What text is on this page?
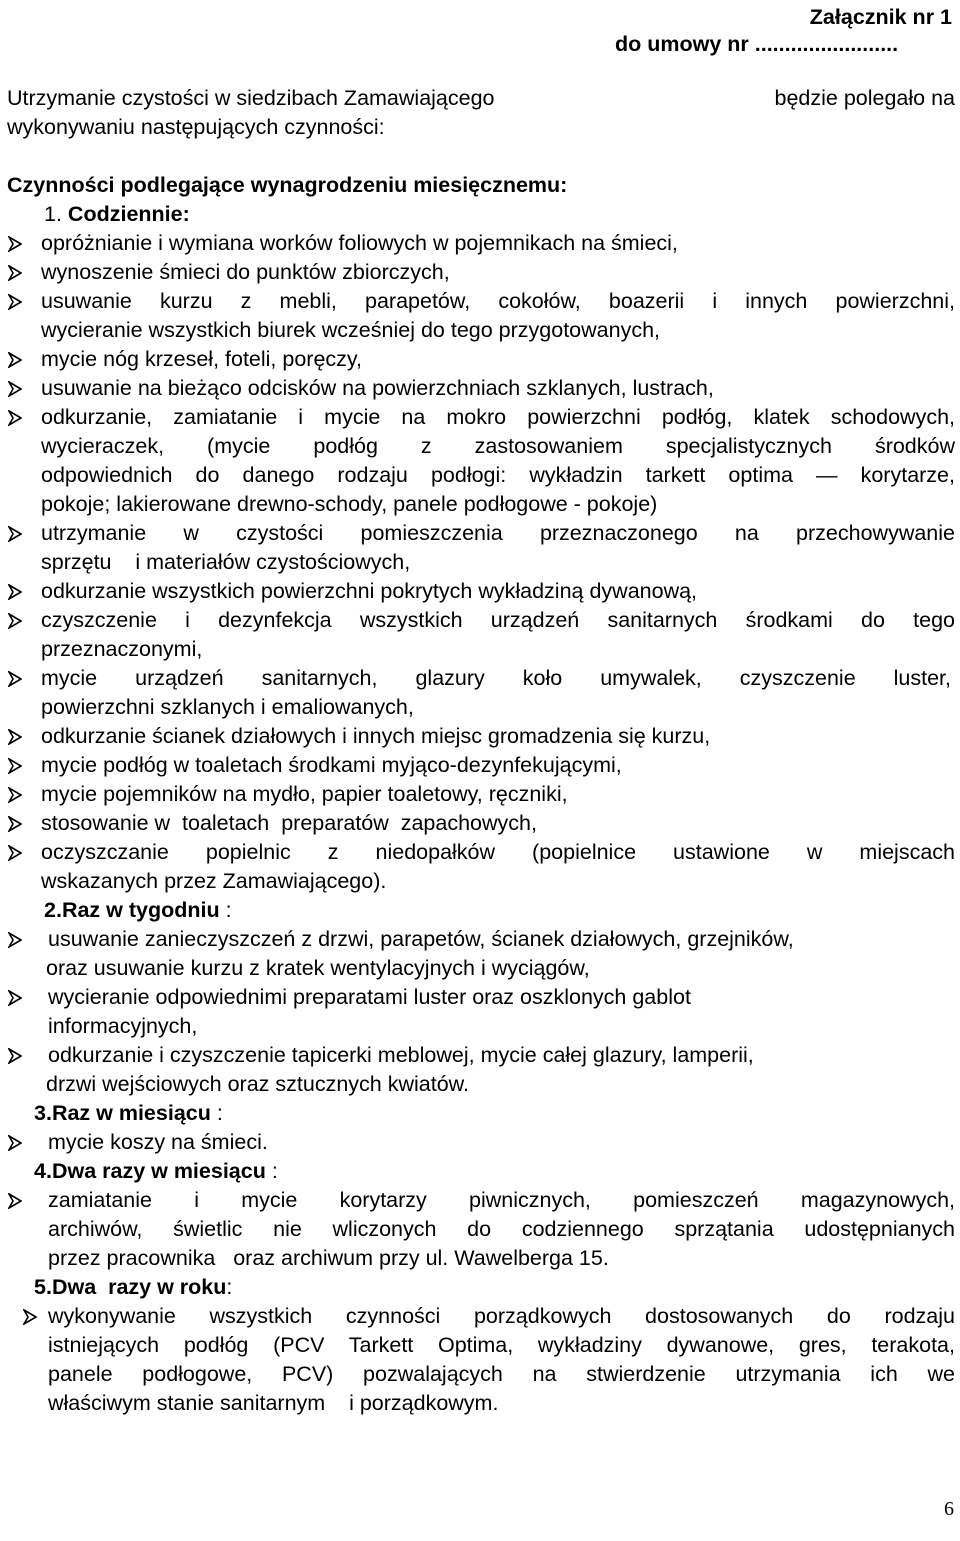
Załącznik nr 1
do umowy nr ........................
Utrzymanie czystości w siedzibach Zamawiającego	będzie polegało na
wykonywaniu następujących czynności:
Czynności podlegające wynagrodzeniu miesięcznemu:
1. Codziennie:
opróżnianie i wymiana worków foliowych w pojemnikach na śmieci,
wynoszenie śmieci do punktów zbiorczych,
usuwanie kurzu z mebli, parapetów, cokołów, boazerii i innych powierzchni,
wycieranie wszystkich biurek wcześniej do tego przygotowanych,
mycie nóg krzeseł, foteli, poręczy,
usuwanie na bieżąco odcisków na powierzchniach szklanych, lustrach,
odkurzanie, zamiatanie i mycie na mokro powierzchni podłóg, klatek schodowych,
wycieraczek, (mycie podłóg z zastosowaniem specjalistycznych środków
odpowiednich do danego rodzaju podłogi: wykładzin tarkett optima — korytarze,
pokoje; lakierowane drewno-schody, panele podłogowe - pokoje)
utrzymanie w czystości pomieszczenia przeznaczonego na przechowywanie
sprzętu    i materiałów czystościowych,
odkurzanie wszystkich powierzchni pokrytych wykładziną dywanową,
czyszczenie i dezynfekcja wszystkich urządzeń sanitarnych środkami do tego
przeznaczonymi,
mycie urządzeń sanitarnych, glazury koło umywalek, czyszczenie luster,
powierzchni szklanych i emaliowanych,
odkurzanie ścianek działowych i innych miejsc gromadzenia się kurzu,
mycie podłóg w toaletach środkami myjąco-dezynfekującymi,
mycie pojemników na mydło, papier toaletowy, ręczniki,
stosowanie w  toaletach  preparatów  zapachowych,
oczyszczanie popielnic z niedopałków (popielnice ustawione w miejscach
wskazanych przez Zamawiającego).
2.Raz w tygodniu :
usuwanie zanieczyszczeń z drzwi, parapetów, ścianek działowych, grzejników,
oraz usuwanie kurzu z kratek wentylacyjnych i wyciągów,
wycieranie odpowiednimi preparatami luster oraz oszklonych gablot
informacyjnych,
odkurzanie i czyszczenie tapicerki meblowej, mycie całej glazury, lamperii,
drzwi wejściowych oraz sztucznych kwiatów.
3.Raz w miesiącu :
mycie koszy na śmieci.
4.Dwa razy w miesiącu :
zamiatanie i mycie korytarzy piwnicznych, pomieszczeń magazynowych,
archiwów, świetlic nie wliczonych do codziennego sprzątania udostępnianych
przez pracownika   oraz archiwum przy ul. Wawelberga 15.
5.Dwa  razy w roku:
wykonywanie wszystkich czynności porządkowych dostosowanych do rodzaju
istniejących podłóg (PCV Tarkett Optima, wykładziny dywanowe, gres, terakota,
panele podłogowe, PCV) pozwalających na stwierdzenie utrzymania ich we
właściwym stanie sanitarnym    i porządkowym.
6
